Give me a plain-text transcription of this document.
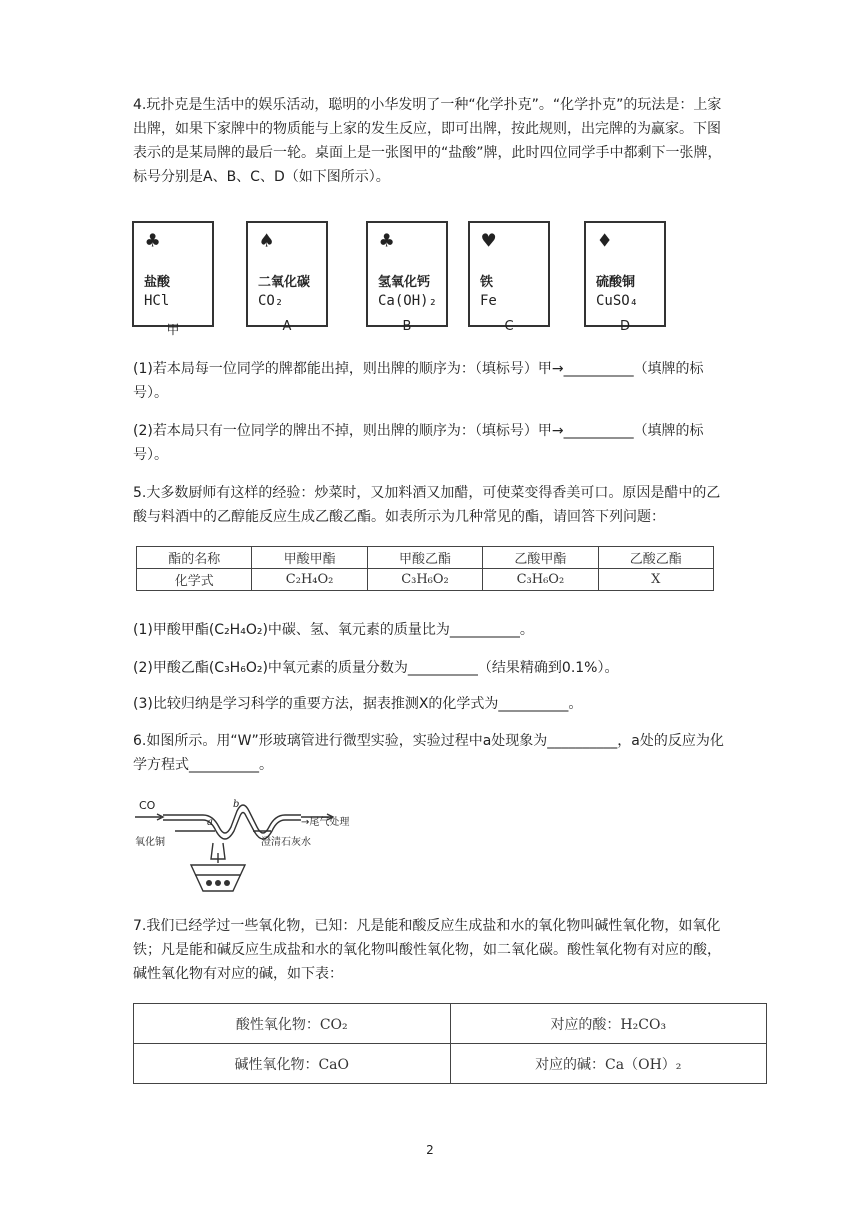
4.玩扑克是生活中的娱乐活动，聪明的小华发明了一种“化学扑克”。“化学扑克”的玩法是：上家出牌，如果下家牌中的物质能与上家的发生反应，即可出牌，按此规则，出完牌的为赢家。下图表示的是某局牌的最后一轮。桌面上是一张图甲的“盐酸”牌，此时四位同学手中都剩下一张牌，标号分别是A、B、C、D（如下图所示）。

♣
盐酸
HCl
甲
♠
二氧化碳
CO₂
A
♣
氢氧化钙
Ca(OH)₂
B
♥
铁
Fe
C
♦
硫酸铜
CuSO₄
D

(1)若本局每一位同学的牌都能出掉，则出牌的顺序为：（填标号）甲→__________（填牌的标号）。

(2)若本局只有一位同学的牌出不掉，则出牌的顺序为：（填标号）甲→__________（填牌的标号）。

5.大多数厨师有这样的经验：炒菜时，又加料酒又加醋，可使菜变得香美可口。原因是醋中的乙酸与料酒中的乙醇能反应生成乙酸乙酯。如表所示为几种常见的酯，请回答下列问题：

酯的名称	甲酸甲酯	甲酸乙酯	乙酸甲酯	乙酸乙酯
化学式	C₂H₄O₂	C₃H₆O₂	C₃H₆O₂	X

(1)甲酸甲酯(C₂H₄O₂)中碳、氢、氧元素的质量比为__________。

(2)甲酸乙酯(C₃H₆O₂)中氧元素的质量分数为__________（结果精确到0.1%）。

(3)比较归纳是学习科学的重要方法，据表推测X的化学式为__________。

6.如图所示。用“W”形玻璃管进行微型实验，实验过程中a处现象为__________，a处的反应为化学方程式__________。

CO
a
b
→尾气处理
氧化铜	澄清石灰水

7.我们已经学过一些氧化物，已知：凡是能和酸反应生成盐和水的氧化物叫碱性氧化物，如氧化铁；凡是能和碱反应生成盐和水的氧化物叫酸性氧化物，如二氧化碳。酸性氧化物有对应的酸，碱性氧化物有对应的碱，如下表：

酸性氧化物：CO₂	对应的酸：H₂CO₃
碱性氧化物：CaO	对应的碱：Ca（OH）₂
2
